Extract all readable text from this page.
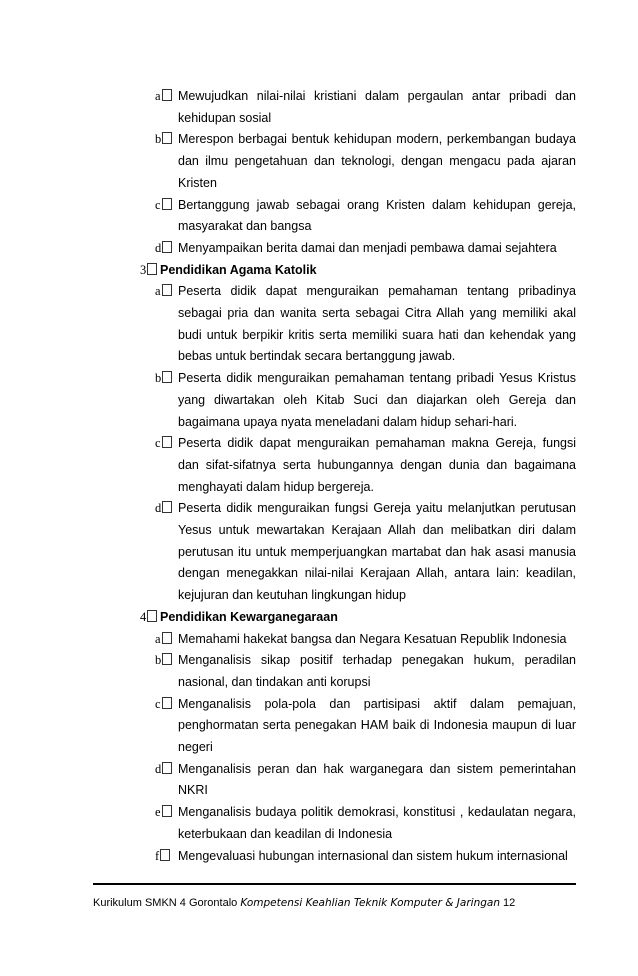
a	Mewujudkan nilai-nilai kristiani dalam pergaulan antar pribadi dan
kehidupan sosial
b	Merespon berbagai bentuk kehidupan modern, perkembangan budaya
dan ilmu pengetahuan dan teknologi, dengan mengacu pada ajaran
Kristen
c	Bertanggung jawab sebagai orang Kristen dalam kehidupan gereja,
masyarakat dan bangsa
d	Menyampaikan berita damai dan menjadi pembawa damai sejahtera
3	Pendidikan Agama Katolik
a	Peserta didik dapat menguraikan pemahaman tentang pribadinya
sebagai pria dan wanita serta sebagai Citra Allah yang memiliki akal
budi untuk berpikir kritis serta memiliki suara hati dan kehendak yang
bebas untuk bertindak secara bertanggung jawab.
b	Peserta didik menguraikan pemahaman tentang pribadi Yesus Kristus
yang diwartakan oleh Kitab Suci dan diajarkan oleh Gereja dan
bagaimana upaya nyata meneladani dalam hidup sehari-hari.
c	Peserta didik dapat menguraikan pemahaman makna Gereja, fungsi
dan sifat-sifatnya serta hubungannya dengan dunia dan bagaimana
menghayati dalam hidup bergereja.
d	Peserta didik menguraikan fungsi Gereja yaitu melanjutkan perutusan
Yesus untuk mewartakan Kerajaan Allah dan melibatkan diri dalam
perutusan itu untuk memperjuangkan martabat dan hak asasi manusia
dengan menegakkan nilai-nilai Kerajaan Allah, antara lain: keadilan,
kejujuran dan keutuhan lingkungan hidup
4	Pendidikan Kewarganegaraan
a	Memahami hakekat bangsa dan Negara Kesatuan Republik Indonesia
b	Menganalisis sikap positif terhadap penegakan hukum, peradilan
nasional, dan tindakan anti korupsi
c	Menganalisis pola-pola dan partisipasi aktif dalam pemajuan,
penghormatan serta penegakan HAM baik di Indonesia maupun di luar
negeri
d	Menganalisis peran dan hak warganegara dan sistem pemerintahan
NKRI
e	Menganalisis budaya politik demokrasi, konstitusi , kedaulatan negara,
keterbukaan dan keadilan di Indonesia
f	Mengevaluasi hubungan internasional dan sistem hukum internasional
Kurikulum SMKN 4 Gorontalo Kompetensi Keahlian Teknik Komputer & Jaringan 12
